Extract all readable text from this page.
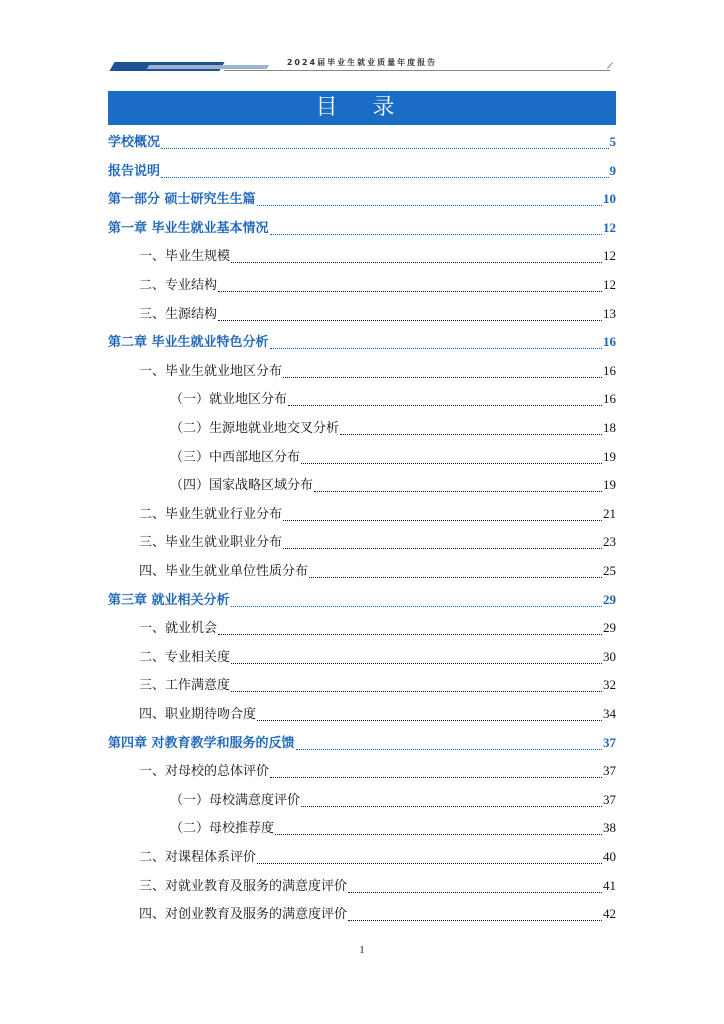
2024届毕业生就业质量年度报告
目 录
学校概况	5
报告说明	9
第一部分 硕士研究生生篇	10
第一章 毕业生就业基本情况	12
一、毕业生规模	12
二、专业结构	12
三、生源结构	13
第二章 毕业生就业特色分析	16
一、毕业生就业地区分布	16
（一）就业地区分布	16
（二）生源地就业地交叉分析	18
（三）中西部地区分布	19
（四）国家战略区域分布	19
二、毕业生就业行业分布	21
三、毕业生就业职业分布	23
四、毕业生就业单位性质分布	25
第三章 就业相关分析	29
一、就业机会	29
二、专业相关度	30
三、工作满意度	32
四、职业期待吻合度	34
第四章 对教育教学和服务的反馈	37
一、对母校的总体评价	37
（一）母校满意度评价	37
（二）母校推荐度	38
二、对课程体系评价	40
三、对就业教育及服务的满意度评价	41
四、对创业教育及服务的满意度评价	42
1
